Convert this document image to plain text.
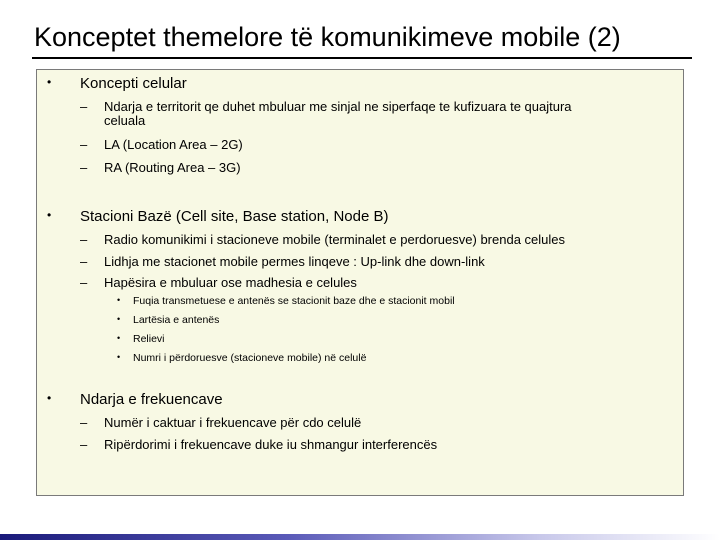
Konceptet themelore të komunikimeve mobile (2)
• Koncepti celular
– Ndarja e territorit qe duhet mbuluar me sinjal ne siperfaqe te kufizuara te quajtura
celuala
– LA (Location Area – 2G)
– RA (Routing Area – 3G)
• Stacioni Bazë (Cell site, Base station, Node B)
– Radio komunikimi i stacioneve mobile (terminalet e perdoruesve) brenda celules
– Lidhja me stacionet mobile permes linqeve : Up-link dhe down-link
– Hapësira e mbuluar ose madhesia e celules
• Fuqia transmetuese e antenës se stacionit baze dhe e stacionit mobil
• Lartësia e antenës
• Relievi
• Numri i përdoruesve (stacioneve mobile) në celulë
• Ndarja e frekuencave
– Numër i caktuar i frekuencave për cdo celulë
– Ripërdorimi i frekuencave duke iu shmangur interferencës
